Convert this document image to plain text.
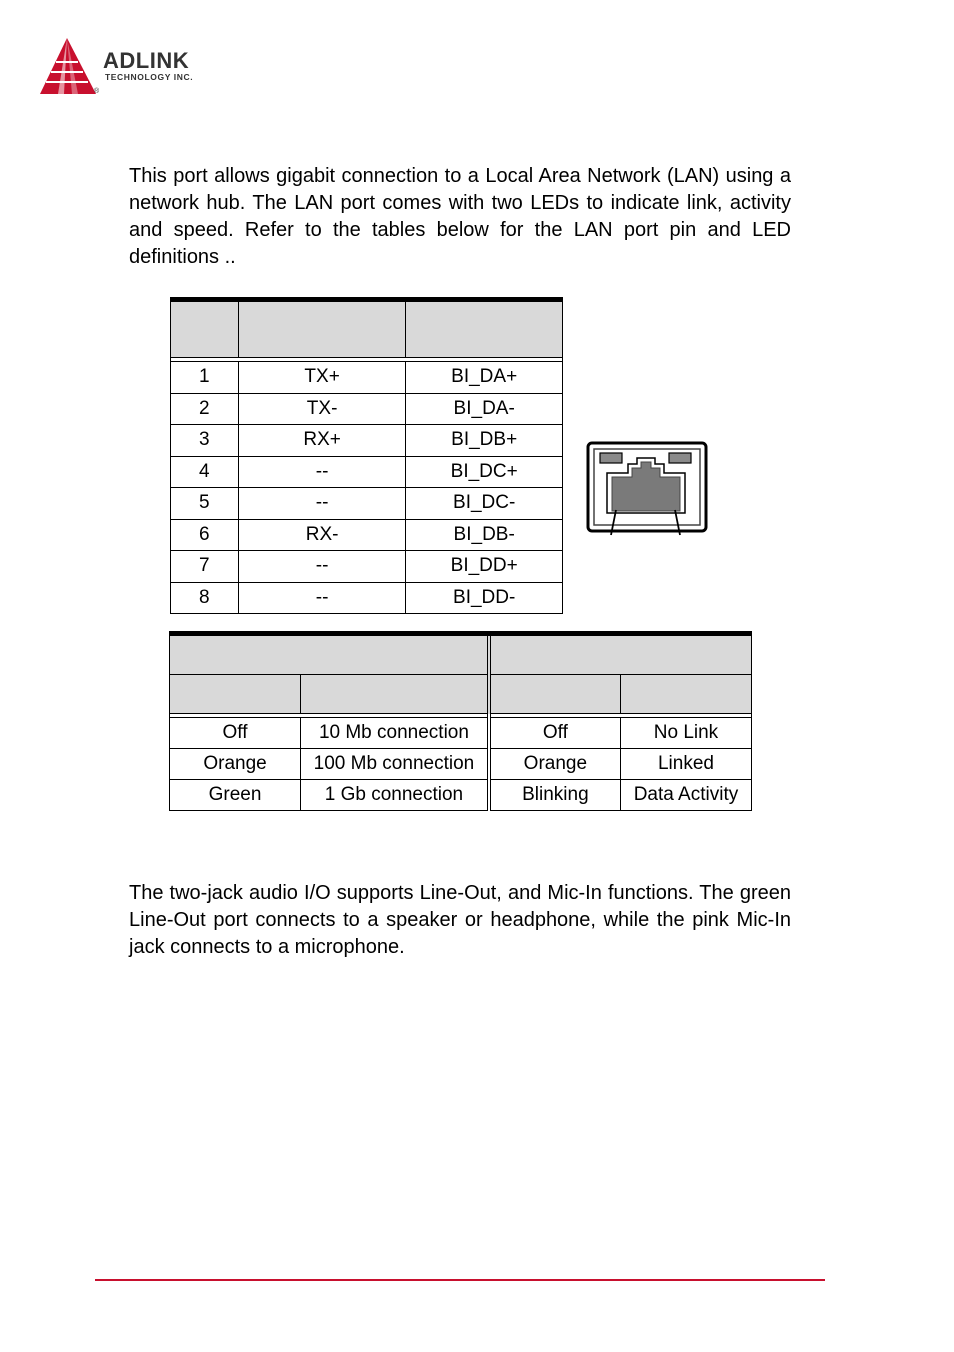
ADLINK
TECHNOLOGY INC.
®

This port allows gigabit connection to a Local Area Network (LAN) using a network hub. The LAN port comes with two LEDs to indicate link, activity and speed. Refer to the tables below for the LAN port pin and LED definitions ..

1	TX+	BI_DA+
2	TX-	BI_DA-
3	RX+	BI_DB+
4	--	BI_DC+
5	--	BI_DC-
6	RX-	BI_DB-
7	--	BI_DD+
8	--	BI_DD-

Off	10 Mb connection	Off	No Link
Orange	100 Mb connection	Orange	Linked
Green	1 Gb connection	Blinking	Data Activity

The two-jack audio I/O supports Line-Out, and Mic-In functions. The green Line-Out port connects to a speaker or headphone, while the pink Mic-In jack connects to a microphone.
